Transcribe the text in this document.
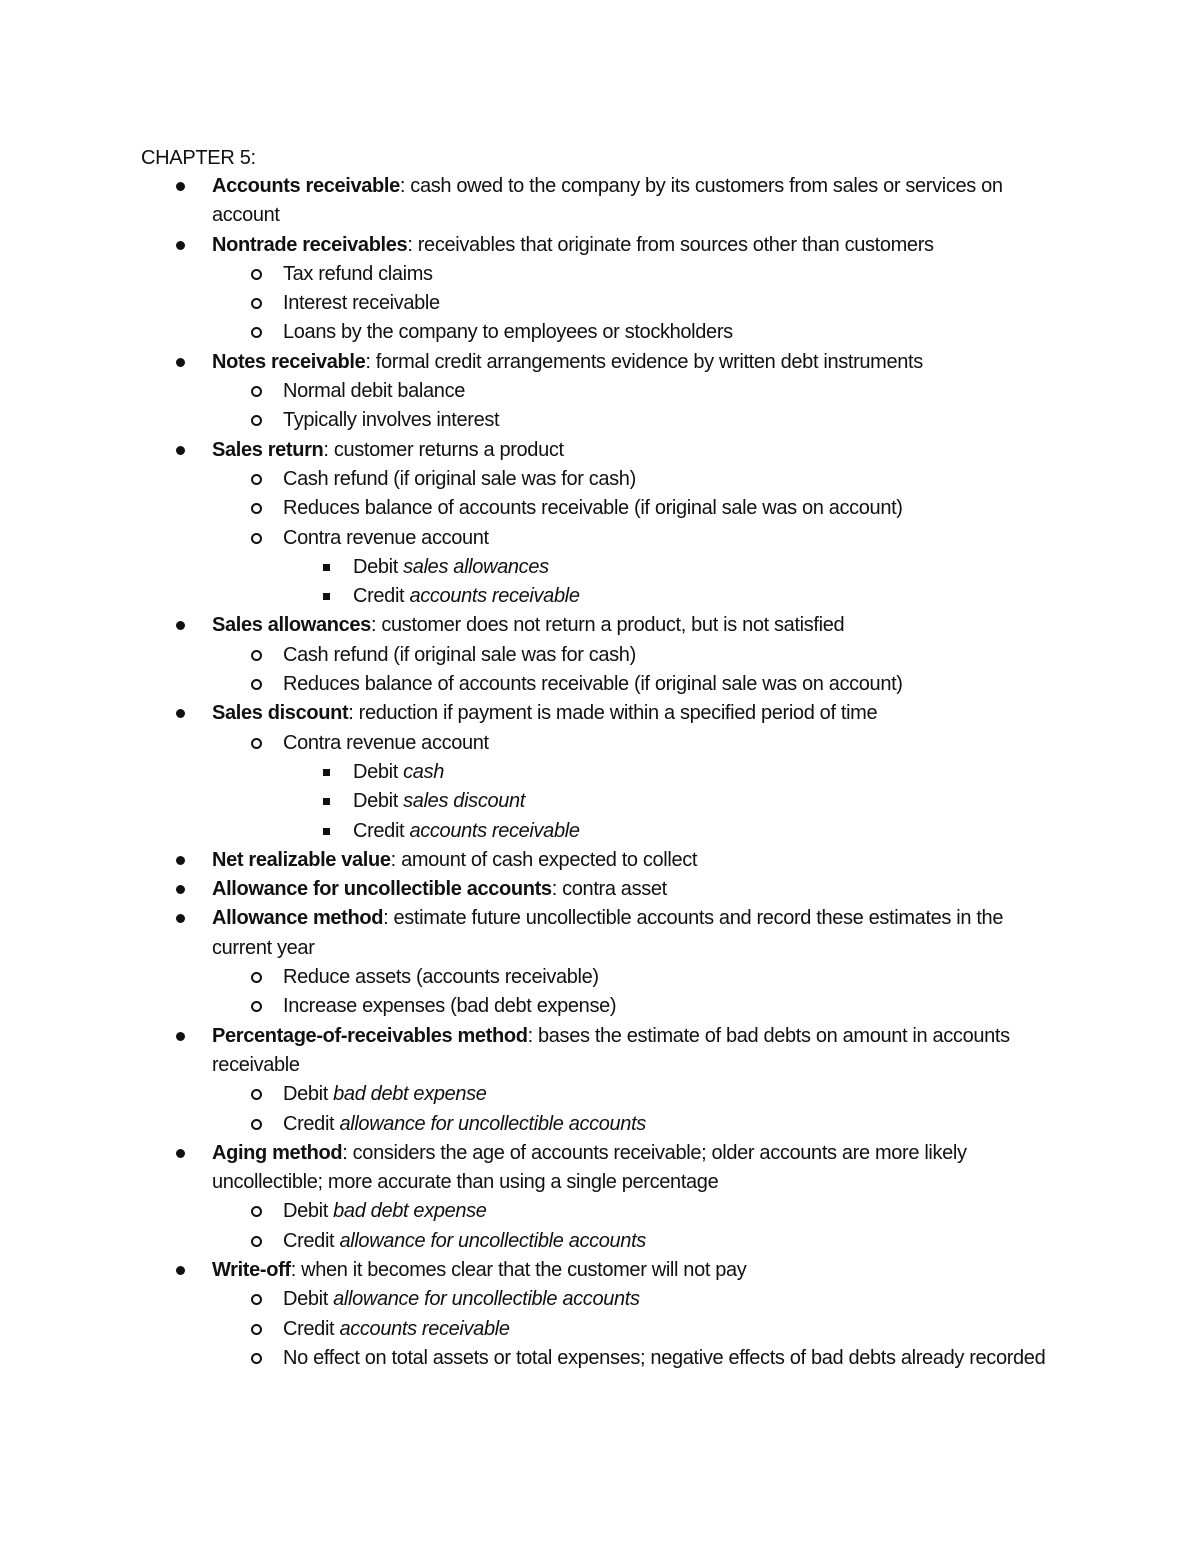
CHAPTER 5:
Accounts receivable: cash owed to the company by its customers from sales or services on account
Nontrade receivables: receivables that originate from sources other than customers
Tax refund claims
Interest receivable
Loans by the company to employees or stockholders
Notes receivable: formal credit arrangements evidence by written debt instruments
Normal debit balance
Typically involves interest
Sales return: customer returns a product
Cash refund (if original sale was for cash)
Reduces balance of accounts receivable (if original sale was on account)
Contra revenue account
Debit sales allowances
Credit accounts receivable
Sales allowances: customer does not return a product, but is not satisfied
Cash refund (if original sale was for cash)
Reduces balance of accounts receivable (if original sale was on account)
Sales discount: reduction if payment is made within a specified period of time
Contra revenue account
Debit cash
Debit sales discount
Credit accounts receivable
Net realizable value: amount of cash expected to collect
Allowance for uncollectible accounts: contra asset
Allowance method: estimate future uncollectible accounts and record these estimates in the current year
Reduce assets (accounts receivable)
Increase expenses (bad debt expense)
Percentage-of-receivables method: bases the estimate of bad debts on amount in accounts receivable
Debit bad debt expense
Credit allowance for uncollectible accounts
Aging method: considers the age of accounts receivable; older accounts are more likely uncollectible; more accurate than using a single percentage
Debit bad debt expense
Credit allowance for uncollectible accounts
Write-off: when it becomes clear that the customer will not pay
Debit allowance for uncollectible accounts
Credit accounts receivable
No effect on total assets or total expenses; negative effects of bad debts already recorded
